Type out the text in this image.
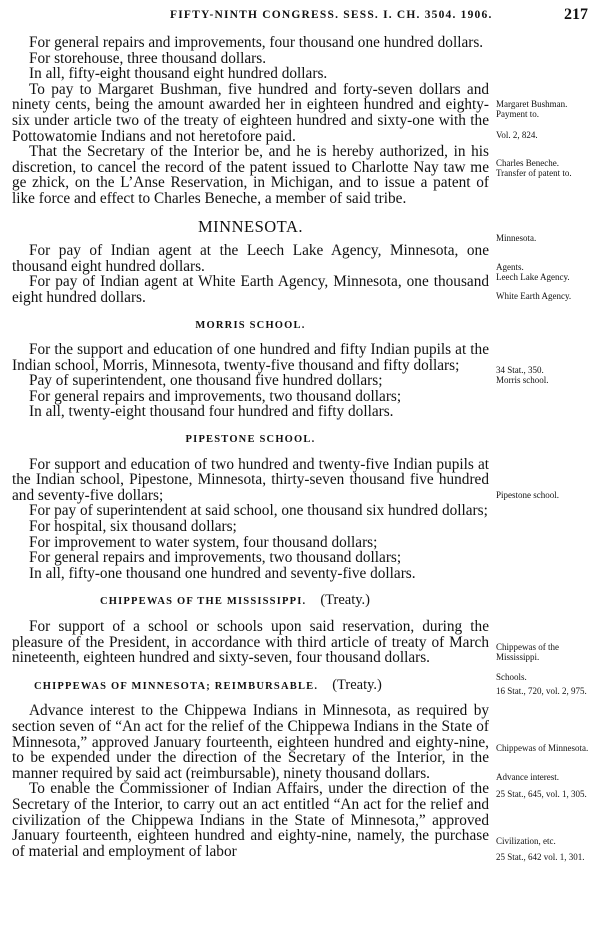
FIFTY-NINTH CONGRESS. SESS. I. CH. 3504. 1906.	217

For general repairs and improvements, four thousand one hundred dollars.

For storehouse, three thousand dollars.

In all, fifty-eight thousand eight hundred dollars.

To pay to Margaret Bushman, five hundred and forty-seven dollars and ninety cents, being the amount awarded her in eighteen hundred and eighty-six under article two of the treaty of eighteen hundred and sixty-one with the Pottowatomie Indians and not heretofore paid.

That the Secretary of the Interior be, and he is hereby authorized, in his discretion, to cancel the record of the patent issued to Charlotte Nay taw me ge zhick, on the L’Anse Reservation, in Michigan, and to issue a patent of like force and effect to Charles Beneche, a member of said tribe.

MINNESOTA.

For pay of Indian agent at the Leech Lake Agency, Minnesota, one thousand eight hundred dollars.

For pay of Indian agent at White Earth Agency, Minnesota, one thousand eight hundred dollars.

MORRIS SCHOOL.

For the support and education of one hundred and fifty Indian pupils at the Indian school, Morris, Minnesota, twenty-five thousand and fifty dollars;

Pay of superintendent, one thousand five hundred dollars;

For general repairs and improvements, two thousand dollars;

In all, twenty-eight thousand four hundred and fifty dollars.

PIPESTONE SCHOOL.

For support and education of two hundred and twenty-five Indian pupils at the Indian school, Pipestone, Minnesota, thirty-seven thousand five hundred and seventy-five dollars;

For pay of superintendent at said school, one thousand six hundred dollars;

For hospital, six thousand dollars;

For improvement to water system, four thousand dollars;

For general repairs and improvements, two thousand dollars;

In all, fifty-one thousand one hundred and seventy-five dollars.

CHIPPEWAS OF THE MISSISSIPPI. (Treaty.)

For support of a school or schools upon said reservation, during the pleasure of the President, in accordance with third article of treaty of March nineteenth, eighteen hundred and sixty-seven, four thousand dollars.

CHIPPEWAS OF MINNESOTA; REIMBURSABLE. (Treaty.)

Advance interest to the Chippewa Indians in Minnesota, as required by section seven of “An act for the relief of the Chippewa Indians in the State of Minnesota,” approved January fourteenth, eighteen hundred and eighty-nine, to be expended under the direction of the Secretary of the Interior, in the manner required by said act (reimbursable), ninety thousand dollars.

To enable the Commissioner of Indian Affairs, under the direction of the Secretary of the Interior, to carry out an act entitled “An act for the relief and civilization of the Chippewa Indians in the State of Minnesota,” approved January fourteenth, eighteen hundred and eighty-nine, namely, the purchase of material and employment of labor

Margaret Bushman.
Payment to.
Vol. 2, 824.
Charles Beneche.
Transfer of patent to.
Minnesota.
Agents.
Leech Lake Agency.
White Earth Agency.
34 Stat., 350.
Morris school.
Pipestone school.
Chippewas of the Mississippi.
Schools.
16 Stat., 720, vol. 2, 975.
Chippewas of Minnesota.
Advance interest.
25 Stat., 645, vol. 1, 305.
Civilization, etc.
25 Stat., 642 vol. 1, 301.
